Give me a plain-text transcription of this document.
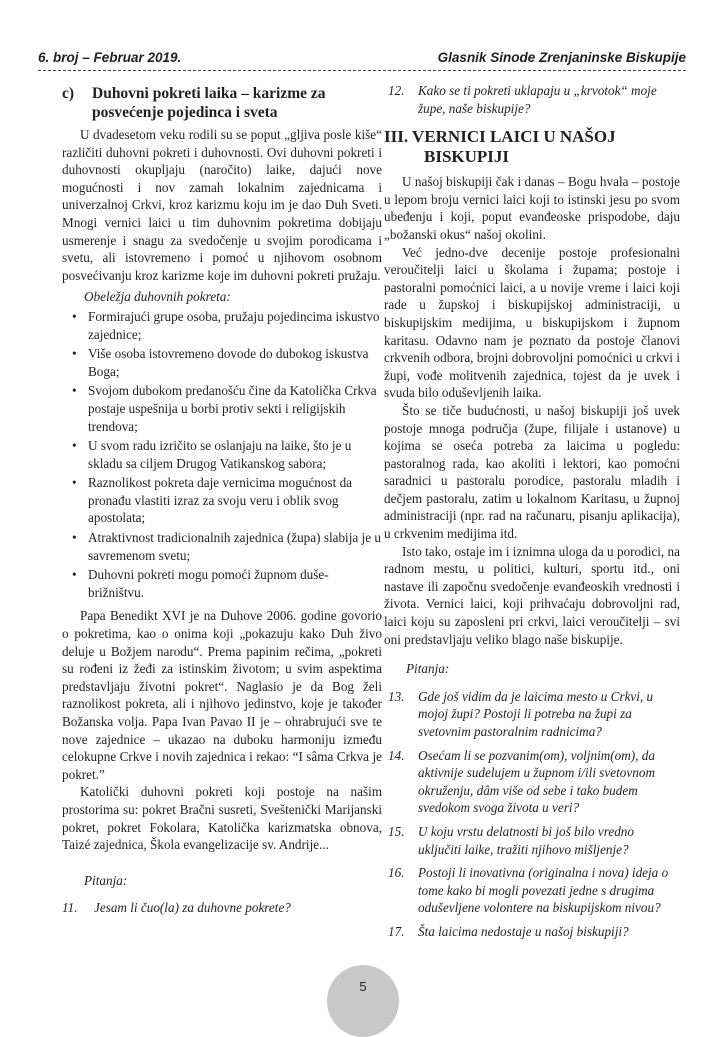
6. broj – Februar 2019.	Glasnik Sinode Zrenjaninske Biskupije
c) Duhovni pokreti laika – karizme za
posvećenje pojedinca i sveta

U dvadesetom veku rodili su se poput „gljiva posle kiše“ različiti duhovni pokreti i duhovnosti. Ovi duhovni pokreti i duhovnosti okupljaju (naročito) laike, dajući nove mogućnosti i nov zamah lokalnim zajednicama i univerzalnoj Crkvi, kroz karizmu koju im je dao Duh Sveti. Mnogi vernici laici u tim duhovnim pokretima dobijaju usmerenje i snagu za svedočenje u svojim porodicama i svetu, ali istovremeno i pomoć u njihovom osobnom posvećivanju kroz karizme koje im duhovni pokreti pružaju.

Obeležja duhovnih pokreta:
• Formirajući grupe osoba, pružaju pojedincima iskustvo zajednice;
• Više osoba istovremeno dovode do dubokog iskustva Boga;
• Svojom dubokom predanošću čine da Katolička Crkva postaje uspešnija u borbi protiv sekti i religijskih trendova;
• U svom radu izričito se oslanjaju na laike, što je u skladu sa ciljem Drugog Vatikanskog sabora;
• Raznolikost pokreta daje vernicima mogućnost da pronađu vlastiti izraz za svoju veru i oblik svog apostolata;
• Atraktivnost tradicionalnih zajednica (župa) slabija je u savremenom svetu;
• Duhovni pokreti mogu pomoći župnom duše-brižništvu.

Papa Benedikt XVI je na Duhove 2006. godine govorio o pokretima, kao o onima koji „pokazuju kako Duh živo deluje u Božjem narodu“. Prema papinim rečima, „pokreti su rođeni iz žeđi za istinskim životom; u svim aspektima predstavljaju životni pokret“. Naglasio je da Bog želi raznolikost pokreta, ali i njihovo jedinstvo, koje je također Božanska volja. Papa Ivan Pavao II je – ohrabrujući sve te nove zajednice – ukazao na duboku harmoniju između celokupne Crkve i novih zajednica i rekao: “I sâma Crkva je pokret.”

Katolički duhovni pokreti koji postoje na našim prostorima su: pokret Bračni susreti, Sveštenički Marijanski pokret, pokret Fokolara, Katolička karizmatska obnova, Taizé zajednica, Škola evangelizacije sv. Andrije...

Pitanja:
11. Jesam li čuo(la) za duhovne pokrete?
12. Kako se ti pokreti uklapaju u „krvotok“ moje župe, naše biskupije?
III. VERNICI LAICI U NAŠOJ
BISKUPIJI

U našoj biskupiji čak i danas – Bogu hvala – postoje u lepom broju vernici laici koji to istinski jesu po svom ubeđenju i koji, poput evanđeoske prispodobe, daju „božanski okus“ našoj okolini.

Već jedno-dve decenije postoje profesionalni veroučitelji laici u školama i župama; postoje i pastoralni pomoćnici laici, a u novije vreme i laici koji rade u župskoj i biskupijskoj administraciji, u biskupijskim medijima, u biskupijskom i župnom karitasu. Odavno nam je poznato da postoje članovi crkvenih odbora, brojni dobrovoljni pomoćnici u crkvi i župi, vođe molitvenih zajednica, tojest da je uvek i svuda bilo oduševljenih laika.

Što se tiče budućnosti, u našoj biskupiji još uvek postoje mnoga područja (župe, filijale i ustanove) u kojima se oseća potreba za laicima u pogledu: pastoralnog rada, kao akoliti i lektori, kao pomoćni saradnici u pastoralu porodice, pastoralu mladih i dečjem pastoralu, zatim u lokalnom Karitasu, u župnoj administraciji (npr. rad na računaru, pisanju aplikacija), u crkvenim medijima itd.

Isto tako, ostaje im i iznimna uloga da u porodici, na radnom mestu, u politici, kulturi, sportu itd., oni nastave ili započnu svedočenje evanđeoskih vrednosti i života. Vernici laici, koji prihvaćaju dobrovoljni rad, laici koju su zaposleni pri crkvi, laici veroučitelji – svi oni predstavljaju veliko blago naše biskupije.

Pitanja:
13. Gde još vidim da je laicima mesto u Crkvi, u mojoj župi? Postoji li potreba na župi za svetovnim pastoralnim radnicima?
14. Osećam li se pozvanim(om), voljnim(om), da aktivnije sudelujem u župnom i/ili svetovnom okruženju, dâm više od sebe i tako budem svedokom svoga života u veri?
15. U koju vrstu delatnosti bi još bilo vredno uključiti laike, tražiti njihovo mišljenje?
16. Postoji li inovativna (originalna i nova) ideja o tome kako bi mogli povezati jedne s drugima oduševljene volontere na biskupijskom nivou?
17. Šta laicima nedostaje u našoj biskupiji?
5
